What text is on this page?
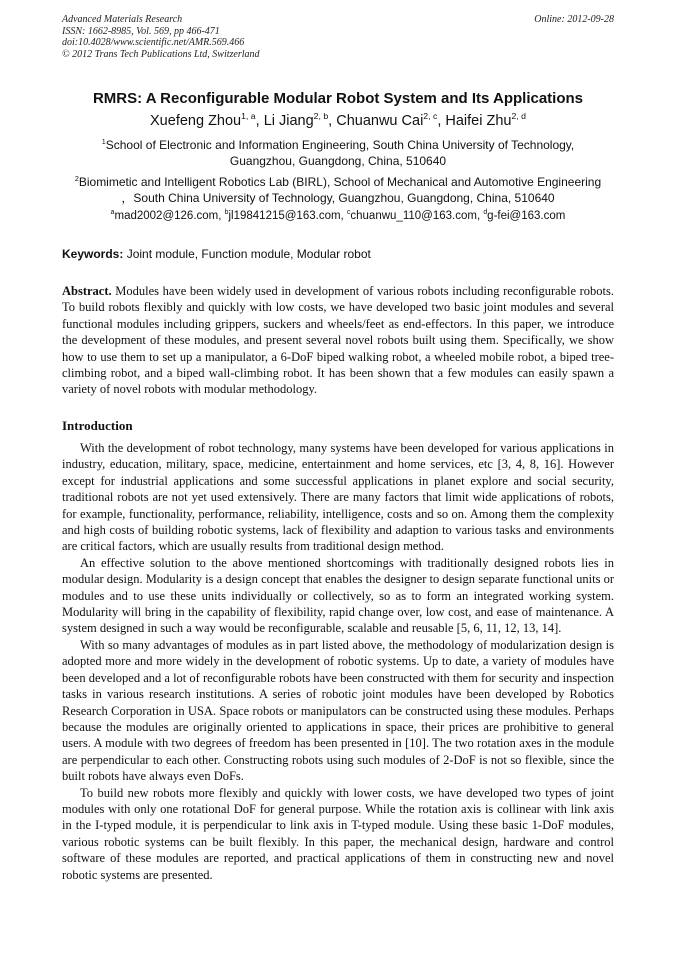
Advanced Materials Research
ISSN: 1662-8985, Vol. 569, pp 466-471
doi:10.4028/www.scientific.net/AMR.569.466
© 2012 Trans Tech Publications Ltd, Switzerland
Online: 2012-09-28
RMRS: A Reconfigurable Modular Robot System and Its Applications
Xuefeng Zhou$^{1, a}$, Li Jiang$^{2, b}$, Chuanwu Cai$^{2, c}$, Haifei Zhu$^{2, d}$
$^1$School of Electronic and Information Engineering, South China University of Technology,
Guangzhou, Guangdong, China, 510640
$^2$Biomimetic and Intelligent Robotics Lab (BIRL), School of Mechanical and Automotive Engineering
，South China University of Technology, Guangzhou, Guangdong, China, 510640
$^a$mad2002@126.com, $^b$jl19841215@163.com, $^c$chuanwu_110@163.com, $^d$g-fei@163.com
Keywords: Joint module, Function module, Modular robot
Abstract. Modules have been widely used in development of various robots including reconfigurable robots. To build robots flexibly and quickly with low costs, we have developed two basic joint modules and several functional modules including grippers, suckers and wheels/feet as end-effectors. In this paper, we introduce the development of these modules, and present several novel robots built using them. Specifically, we show how to use them to set up a manipulator, a 6-DoF biped walking robot, a wheeled mobile robot, a biped tree-climbing robot, and a biped wall-climbing robot. It has been shown that a few modules can easily spawn a variety of novel robots with modular methodology.
Introduction

With the development of robot technology, many systems have been developed for various applications in industry, education, military, space, medicine, entertainment and home services, etc [3, 4, 8, 16]. However except for industrial applications and some successful applications in planet explore and social security, traditional robots are not yet used extensively. There are many factors that limit wide applications of robots, for example, functionality, performance, reliability, intelligence, costs and so on. Among them the complexity and high costs of building robotic systems, lack of flexibility and adaption to various tasks and environments are critical factors, which are usually results from traditional design method.

An effective solution to the above mentioned shortcomings with traditionally designed robots lies in modular design. Modularity is a design concept that enables the designer to design separate functional units or modules and to use these units individually or collectively, so as to form an integrated working system. Modularity will bring in the capability of flexibility, rapid change over, low cost, and ease of maintenance. A system designed in such a way would be reconfigurable, scalable and reusable [5, 6, 11, 12, 13, 14].

With so many advantages of modules as in part listed above, the methodology of modularization design is adopted more and more widely in the development of robotic systems. Up to date, a variety of modules have been developed and a lot of reconfigurable robots have been constructed with them for security and inspection tasks in various research institutions. A series of robotic joint modules have been developed by Robotics Research Corporation in USA. Space robots or manipulators can be constructed using these modules. Perhaps because the modules are originally oriented to applications in space, their prices are prohibitive to general users. A module with two degrees of freedom has been presented in [10]. The two rotation axes in the module are perpendicular to each other. Constructing robots using such modules of 2-DoF is not so flexible, since the built robots have always even DoFs.

To build new robots more flexibly and quickly with lower costs, we have developed two types of joint modules with only one rotational DoF for general purpose. While the rotation axis is collinear with link axis in the I-typed module, it is perpendicular to link axis in T-typed module. Using these basic 1-DoF modules, various robotic systems can be built flexibly. In this paper, the mechanical design, hardware and control software of these modules are reported, and practical applications of them in constructing new and novel robotic systems are presented.
